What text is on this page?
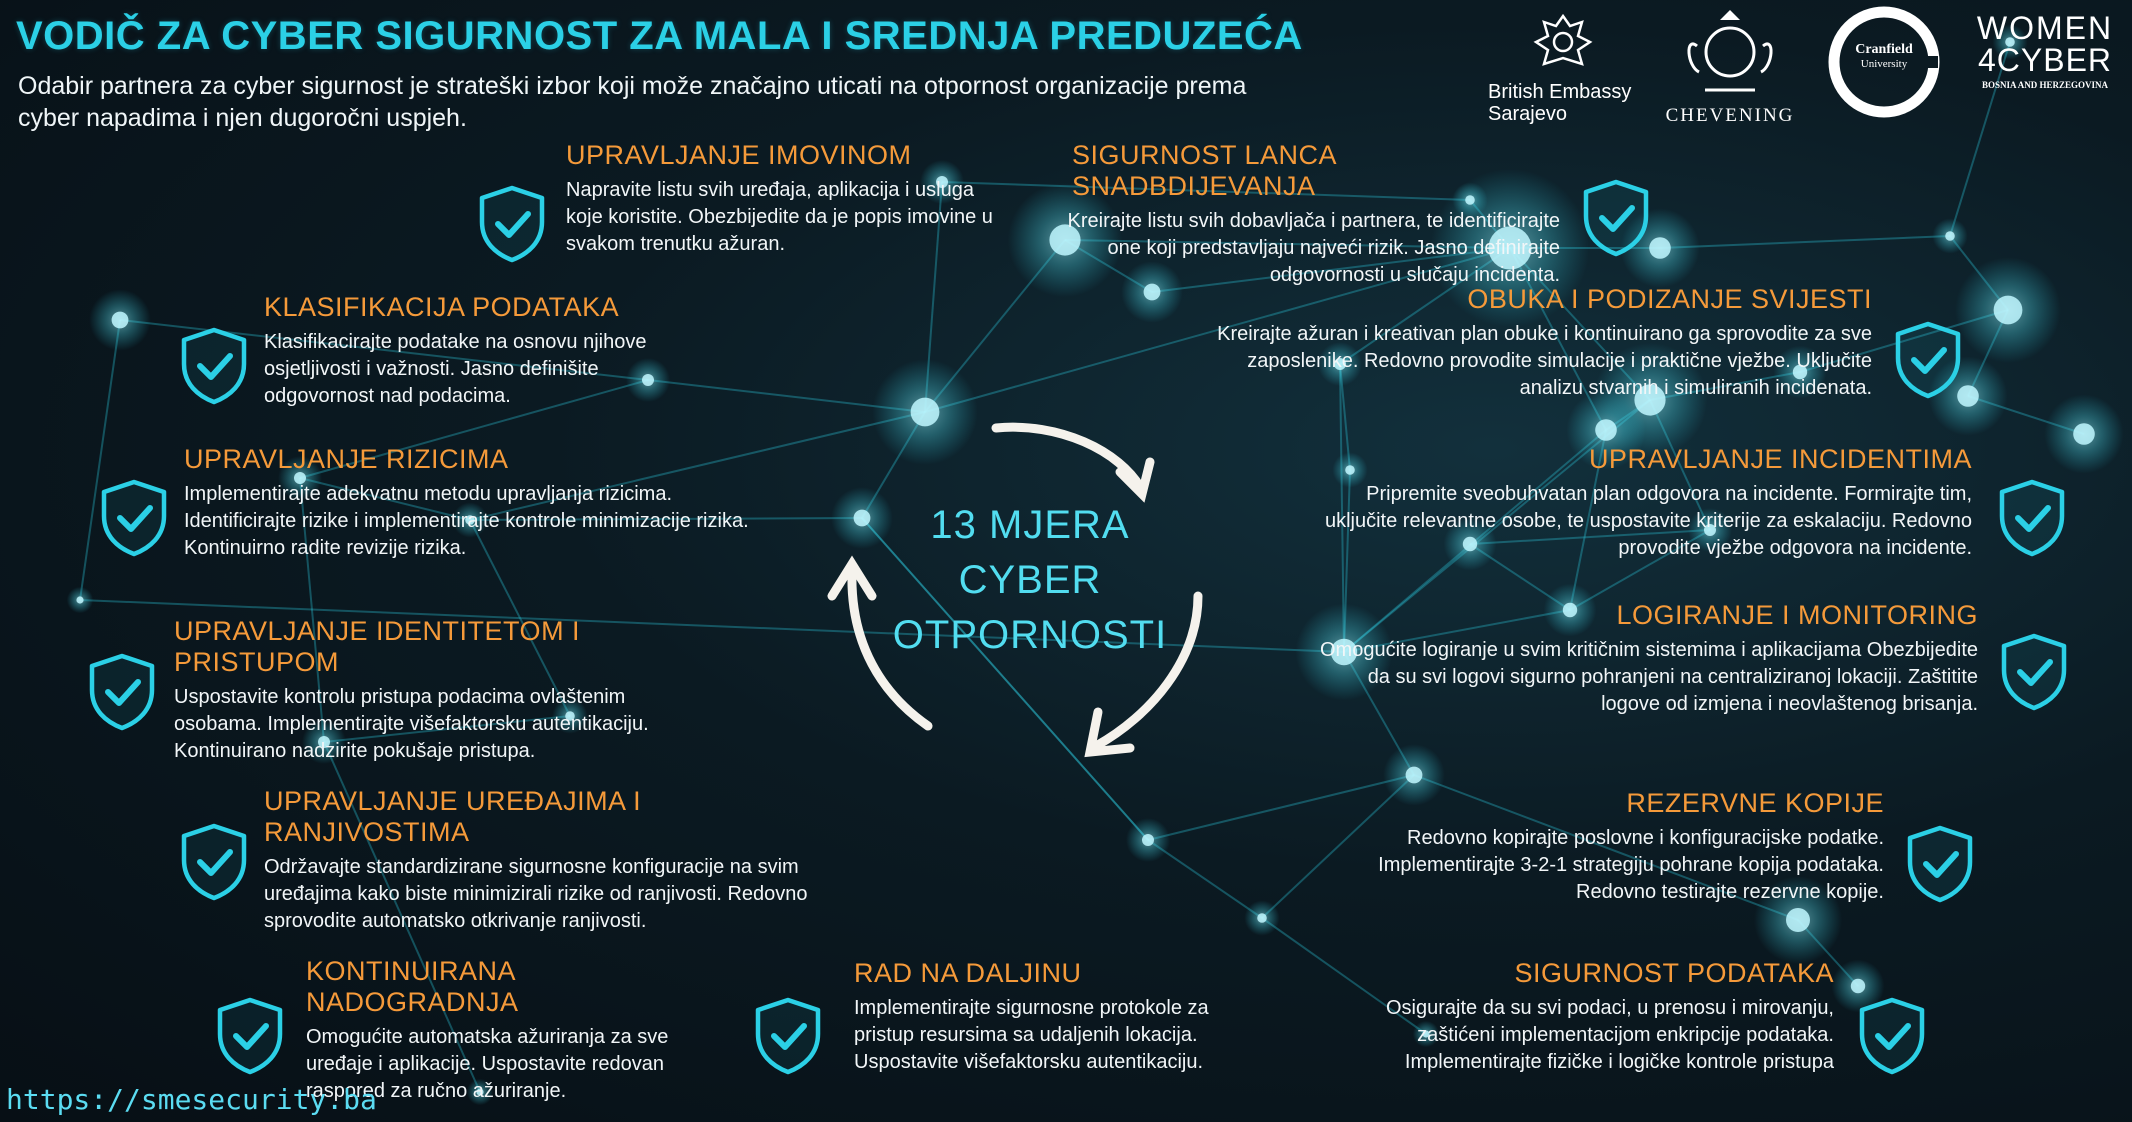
VODIČ ZA CYBER SIGURNOST ZA MALA I SREDNJA PREDUZEĆA
Odabir partnera za cyber sigurnost je strateški izbor koji može značajno uticati na otpornost organizacije prema cyber napadima i njen dugoročni uspjeh.
British Embassy Sarajevo	CHEVENING
Cranfield
University
WOMEN
4CYBER
BOSNIA AND HERZEGOVINA
13 MJERA
CYBER
OTPORNOSTI
UPRAVLJANJE IMOVINOM

Napravite listu svih uređaja, aplikacija i usluga koje koristite. Obezbijedite da je popis imovine u svakom trenutku ažuran.

KLASIFIKACIJA PODATAKA

Klasifikacirajte podatake na osnovu njihove osjetljivosti i važnosti. Jasno definišite odgovornost nad podacima.

UPRAVLJANJE RIZICIMA

Implementirajte adekvatnu metodu upravljanja rizicima. Identificirajte rizike i implementirajte kontrole minimizacije rizika. Kontinuirno radite revizije rizika.

UPRAVLJANJE IDENTITETOM I PRISTUPOM

Uspostavite kontrolu pristupa podacima ovlaštenim osobama. Implementirajte višefaktorsku autentikaciju. Kontinuirano nadzirite pokušaje pristupa.

UPRAVLJANJE UREĐAJIMA I RANJIVOSTIMA

Održavajte standardizirane sigurnosne konfiguracije na svim uređajima kako biste minimizirali rizike od ranjivosti. Redovno sprovodite automatsko otkrivanje ranjivosti.

KONTINUIRANA NADOGRADNJA

Omogućite automatska ažuriranja za sve uređaje i aplikacije. Uspostavite redovan raspored za ručno ažuriranje.

RAD NA DALJINU

Implementirajte sigurnosne protokole za pristup resursima sa udaljenih lokacija. Uspostavite višefaktorsku autentikaciju.

SIGURNOST LANCA SNADBDIJEVANJA

Kreirajte listu svih dobavljača i partnera, te identificirajte one koji predstavljaju najveći rizik. Jasno definirajte odgovornosti u slučaju incidenta.

OBUKA I PODIZANJE SVIJESTI

Kreirajte ažuran i kreativan plan obuke i kontinuirano ga sprovodite za sve zaposlenike. Redovno provodite simulacije i praktične vježbe. Uključite analizu stvarnih i simuliranih incidenata.

UPRAVLJANJE INCIDENTIMA

Pripremite sveobuhvatan plan odgovora na incidente. Formirajte tim, uključite relevantne osobe, te uspostavite kriterije za eskalaciju. Redovno provodite vježbe odgovora na incidente.

LOGIRANJE I MONITORING

Omogućite logiranje u svim kritičnim sistemima i aplikacijama Obezbijedite da su svi logovi sigurno pohranjeni na centraliziranoj lokaciji. Zaštitite logove od izmjena i neovlaštenog brisanja.

REZERVNE KOPIJE

Redovno kopirajte poslovne i konfiguracijske podatke. Implementirajte 3-2-1 strategiju pohrane kopija podataka. Redovno testirajte rezervne kopije.

SIGURNOST PODATAKA

Osigurajte da su svi podaci, u prenosu i mirovanju, zaštićeni implementacijom enkripcije podataka. Implementirajte fizičke i logičke kontrole pristupa

https://smesecurity.ba
